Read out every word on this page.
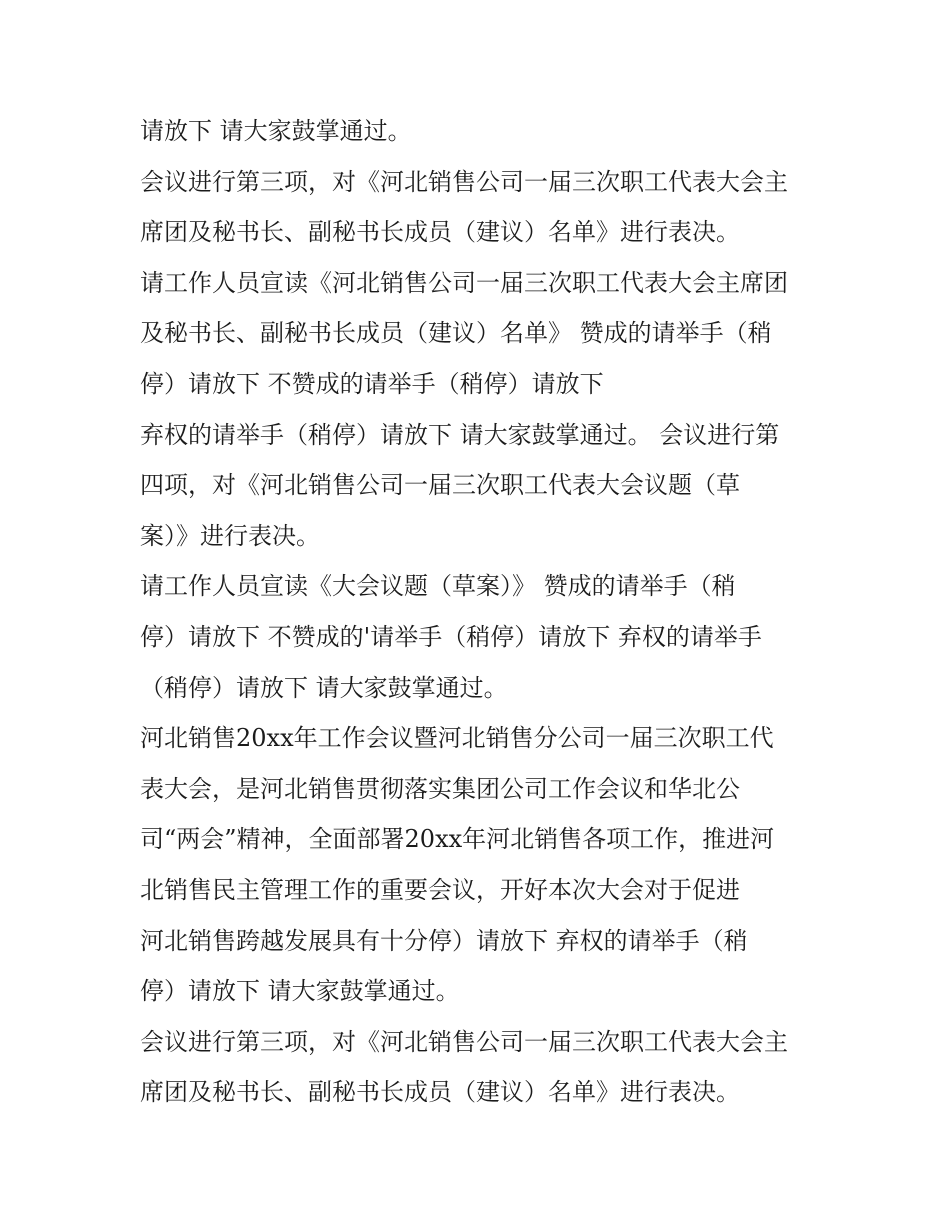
请放下 请大家鼓掌通过。
会议进行第三项，对《河北销售公司一届三次职工代表大会主
席团及秘书长、副秘书长成员（建议）名单》进行表决。
请工作人员宣读《河北销售公司一届三次职工代表大会主席团
及秘书长、副秘书长成员（建议）名单》 赞成的请举手（稍
停）请放下 不赞成的请举手（稍停）请放下
弃权的请举手（稍停）请放下 请大家鼓掌通过。 会议进行第
四项，对《河北销售公司一届三次职工代表大会议题（草
案）》进行表决。
请工作人员宣读《大会议题（草案）》 赞成的请举手（稍
停）请放下 不赞成的'请举手（稍停）请放下 弃权的请举手
（稍停）请放下 请大家鼓掌通过。
河北销售20xx年工作会议暨河北销售分公司一届三次职工代
表大会，是河北销售贯彻落实集团公司工作会议和华北公
司“两会”精神，全面部署20xx年河北销售各项工作，推进河
北销售民主管理工作的重要会议，开好本次大会对于促进
河北销售跨越发展具有十分停）请放下 弃权的请举手（稍
停）请放下 请大家鼓掌通过。
会议进行第三项，对《河北销售公司一届三次职工代表大会主
席团及秘书长、副秘书长成员（建议）名单》进行表决。
